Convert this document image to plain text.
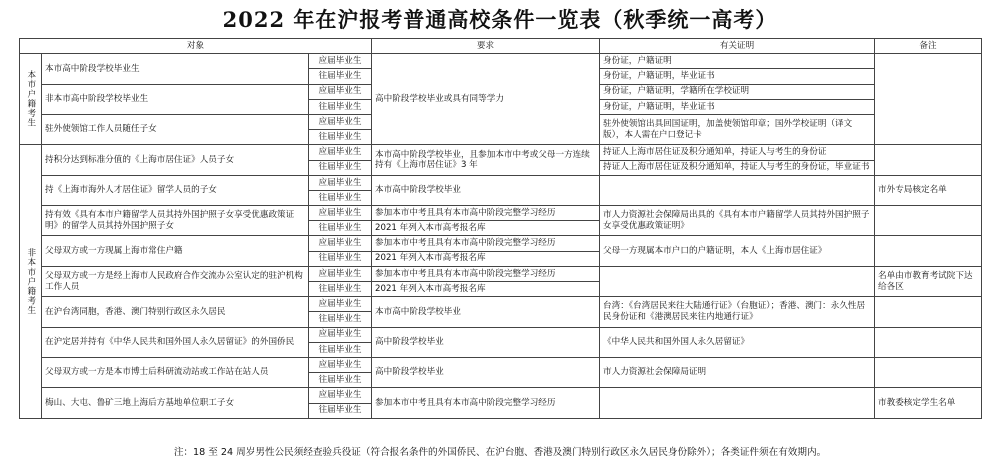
2022 年在沪报考普通高校条件一览表（秋季统一高考）
对象			要求	有关证明	备注
本市户籍考生	本市高中阶段学校毕业生	应届毕业生	高中阶段学校毕业或具有同等学力	身份证，户籍证明	
		往届毕业生		身份证，户籍证明，毕业证书	
	非本市高中阶段学校毕业生	应届毕业生		身份证，户籍证明，学籍所在学校证明	
		往届毕业生		身份证，户籍证明，毕业证书	
	驻外使领馆工作人员随任子女	应届毕业生		驻外使领馆出具回国证明，加盖使领馆印章；国外学校证明（译文版），本人需在户口登记卡	
		往届毕业生			
非本市户籍考生	持积分达到标准分值的《上海市居住证》人员子女	应届毕业生	本市高中阶段学校毕业，且参加本市中考或父母一方连续持有《上海市居住证》3 年	持证人上海市居住证及积分通知单，持证人与考生的身份证	
		往届毕业生		持证人上海市居住证及积分通知单，持证人与考生的身份证，毕业证书	
	持《上海市海外人才居住证》留学人员的子女	应届毕业生	本市高中阶段学校毕业		市外专局核定名单
		往届毕业生			
	持有效《具有本市户籍留学人员其持外国护照子女享受优惠政策证明》的留学人员其持外国护照子女	应届毕业生	参加本市中考且具有本市高中阶段完整学习经历	市人力资源社会保障局出具的《具有本市户籍留学人员其持外国护照子女享受优惠政策证明》	
		往届毕业生	2021 年列入本市高考报名库		
	父母双方或一方现属上海市常住户籍	应届毕业生	参加本市中考且具有本市高中阶段完整学习经历	父母一方现属本市户口的户籍证明，本人《上海市居住证》	
		往届毕业生	2021 年列入本市高考报名库		
	父母双方或一方是经上海市人民政府合作交流办公室认定的驻沪机构工作人员	应届毕业生	参加本市中考且具有本市高中阶段完整学习经历		名单由市教育考试院下达给各区
		往届毕业生	2021 年列入本市高考报名库		
	在沪台湾同胞，香港、澳门特别行政区永久居民	应届毕业生	本市高中阶段学校毕业	台湾：《台湾居民来往大陆通行证》（台胞证）；香港、澳门：永久性居民身份证和《港澳居民来往内地通行证》	
		往届毕业生			
	在沪定居并持有《中华人民共和国外国人永久居留证》的外国侨民	应届毕业生	高中阶段学校毕业	《中华人民共和国外国人永久居留证》	
		往届毕业生			
	父母双方或一方是本市博士后科研流动站或工作站在站人员	应届毕业生	高中阶段学校毕业	市人力资源社会保障局证明	
		往届毕业生			
	梅山、大屯、鲁矿三地上海后方基地单位职工子女	应届毕业生	参加本市中考且具有本市高中阶段完整学习经历		市教委核定学生名单
		往届毕业生			
注：18 至 24 周岁男性公民须经查验兵役证（符合报名条件的外国侨民、在沪台胞、香港及澳门特别行政区永久居民身份除外）；各类证件须在有效期内。
